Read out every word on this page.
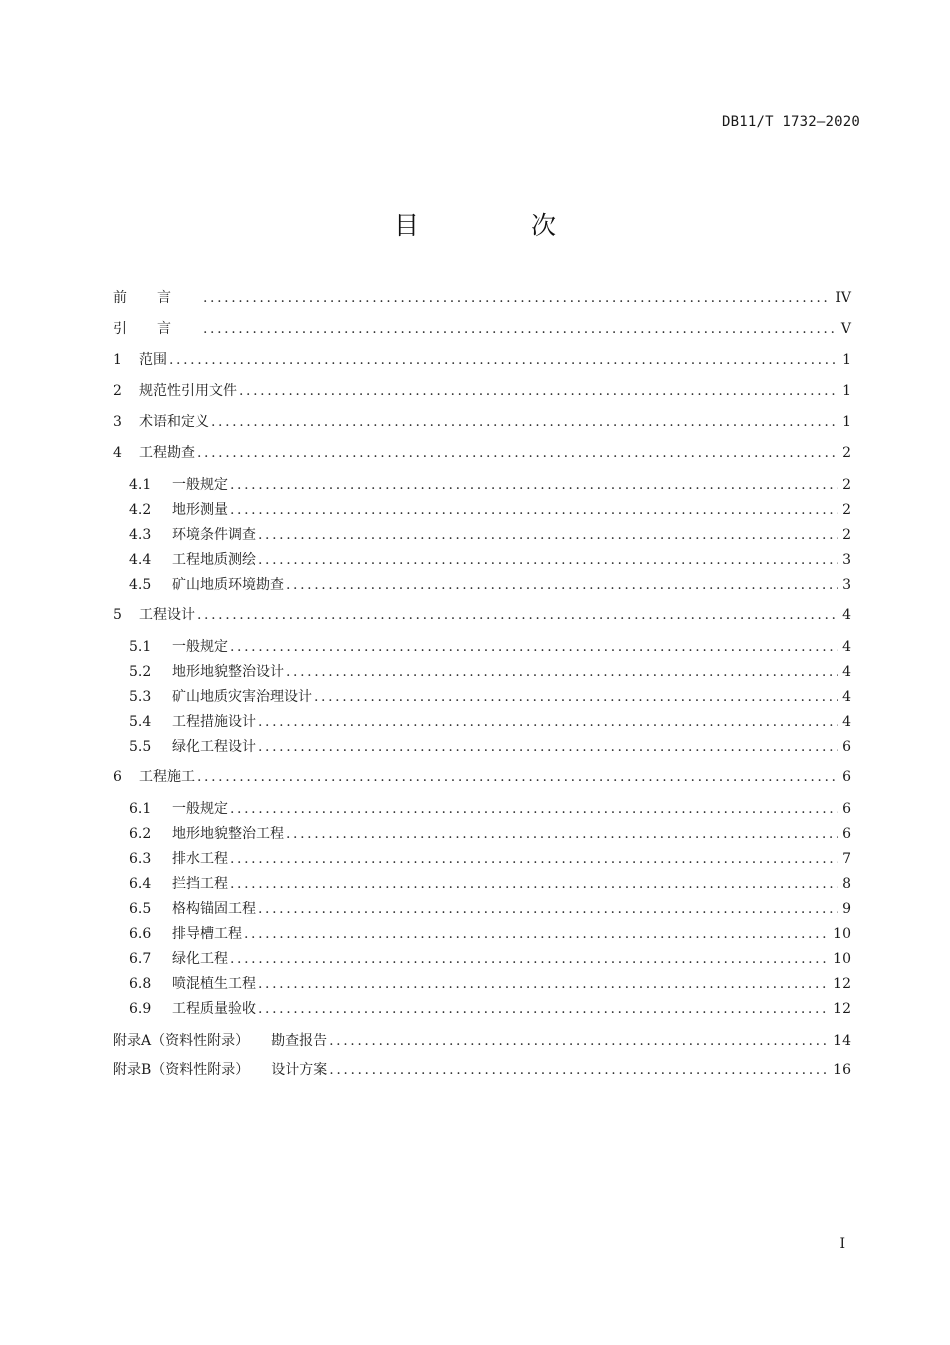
DB11/T 1732—2020
目 次
前言 .....	IV
引言 .....	V
1	范围 .....	1
2	规范性引用文件 .....	1
3	术语和定义 .....	1
4	工程勘查 .....	2
4.1	一般规定 .....	2
4.2	地形测量 .....	2
4.3	环境条件调查 .....	2
4.4	工程地质测绘 .....	3
4.5	矿山地质环境勘查 .....	3
5	工程设计 .....	4
5.1	一般规定 .....	4
5.2	地形地貌整治设计 .....	4
5.3	矿山地质灾害治理设计 .....	4
5.4	工程措施设计 .....	4
5.5	绿化工程设计 .....	6
6	工程施工 .....	6
6.1	一般规定 .....	6
6.2	地形地貌整治工程 .....	6
6.3	排水工程 .....	7
6.4	拦挡工程 .....	8
6.5	格构锚固工程 .....	9
6.6	排导槽工程 .....	10
6.7	绿化工程 .....	10
6.8	喷混植生工程 .....	12
6.9	工程质量验收 .....	12
附录A（资料性附录） 勘查报告 .....	14
附录B（资料性附录） 设计方案 .....	16
I
